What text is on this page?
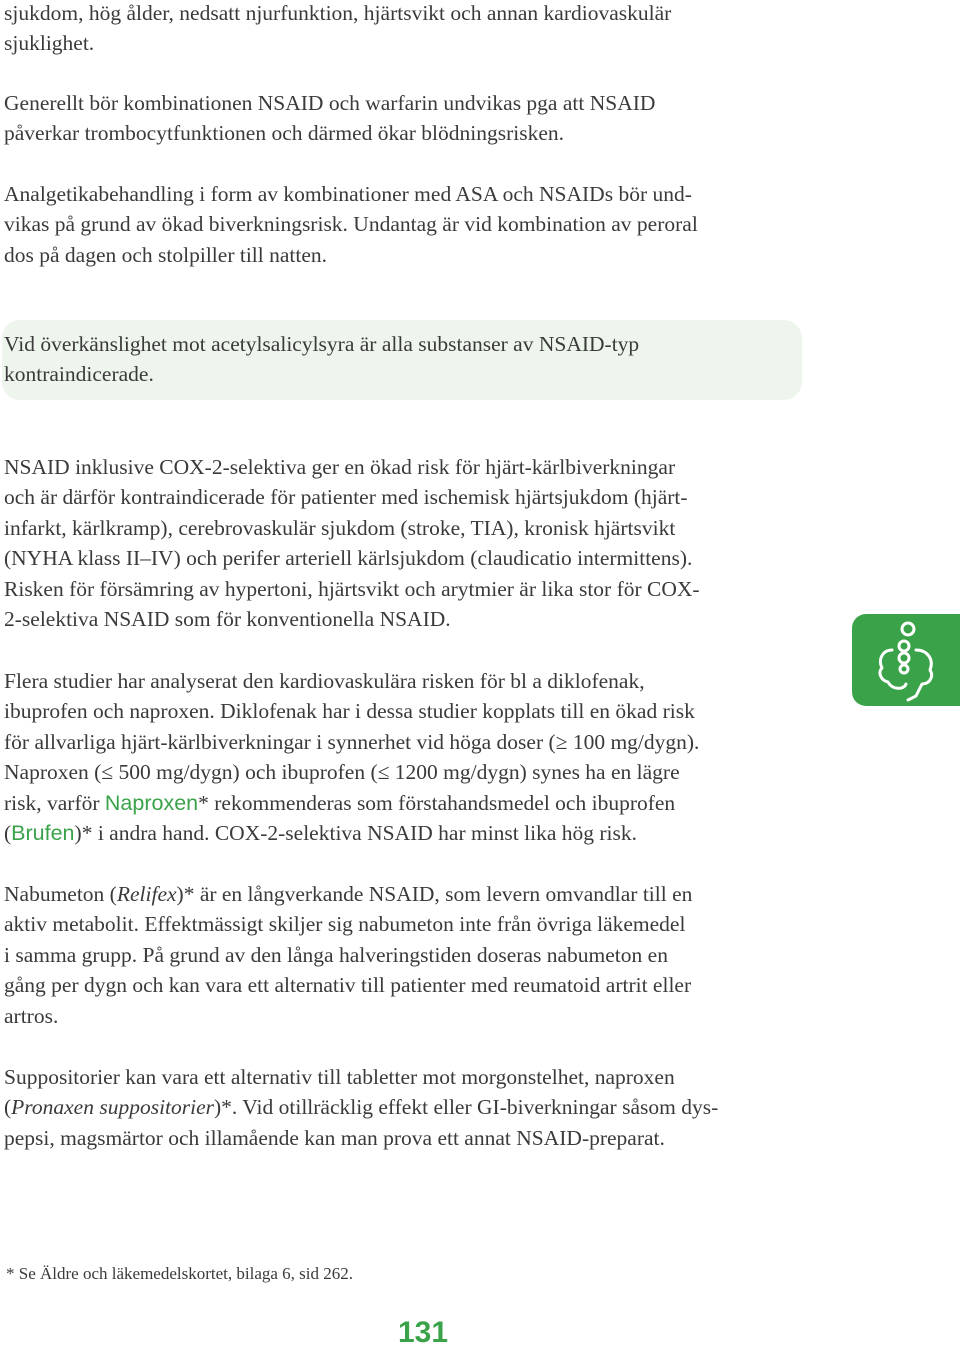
sjukdom, hög ålder, nedsatt njurfunktion, hjärtsvikt och annan kardiovaskulär
sjuklighet.

Generellt bör kombinationen NSAID och warfarin undvikas pga att NSAID
påverkar trombocytfunktionen och därmed ökar blödningsrisken.

Analgetikabehandling i form av kombinationer med ASA och NSAIDs bör und-
vikas på grund av ökad biverkningsrisk. Undantag är vid kombination av peroral
dos på dagen och stolpiller till natten.

Vid överkänslighet mot acetylsalicylsyra är alla substanser av NSAID-typ
kontraindicerade.

NSAID inklusive COX-2-selektiva ger en ökad risk för hjärt-kärlbiverkningar
och är därför kontraindicerade för patienter med ischemisk hjärtsjukdom (hjärt-
infarkt, kärlkramp), cerebrovaskulär sjukdom (stroke, TIA), kronisk hjärtsvikt
(NYHA klass II–IV) och perifer arteriell kärlsjukdom (claudicatio intermittens).
Risken för försämring av hypertoni, hjärtsvikt och arytmier är lika stor för COX-
2-selektiva NSAID som för konventionella NSAID.

Flera studier har analyserat den kardiovaskulära risken för bl a diklofenak,
ibuprofen och naproxen. Diklofenak har i dessa studier kopplats till en ökad risk
för allvarliga hjärt-kärlbiverkningar i synnerhet vid höga doser (≥ 100 mg/dygn).
Naproxen (≤ 500 mg/dygn) och ibuprofen (≤ 1200 mg/dygn) synes ha en lägre
risk, varför Naproxen* rekommenderas som förstahandsmedel och ibuprofen
(Brufen)* i andra hand. COX-2-selektiva NSAID har minst lika hög risk.

Nabumeton (Relifex)* är en långverkande NSAID, som levern omvandlar till en
aktiv metabolit. Effektmässigt skiljer sig nabumeton inte från övriga läkemedel
i samma grupp. På grund av den långa halveringstiden doseras nabumeton en
gång per dygn och kan vara ett alternativ till patienter med reumatoid artrit eller
artros.

Suppositorier kan vara ett alternativ till tabletter mot morgonstelhet, naproxen
(Pronaxen suppositorier)*. Vid otillräcklig effekt eller GI-biverkningar såsom dys-
pepsi, magsmärtor och illamående kan man prova ett annat NSAID-preparat.

* Se Äldre och läkemedelskortet, bilaga 6, sid 262.
131
